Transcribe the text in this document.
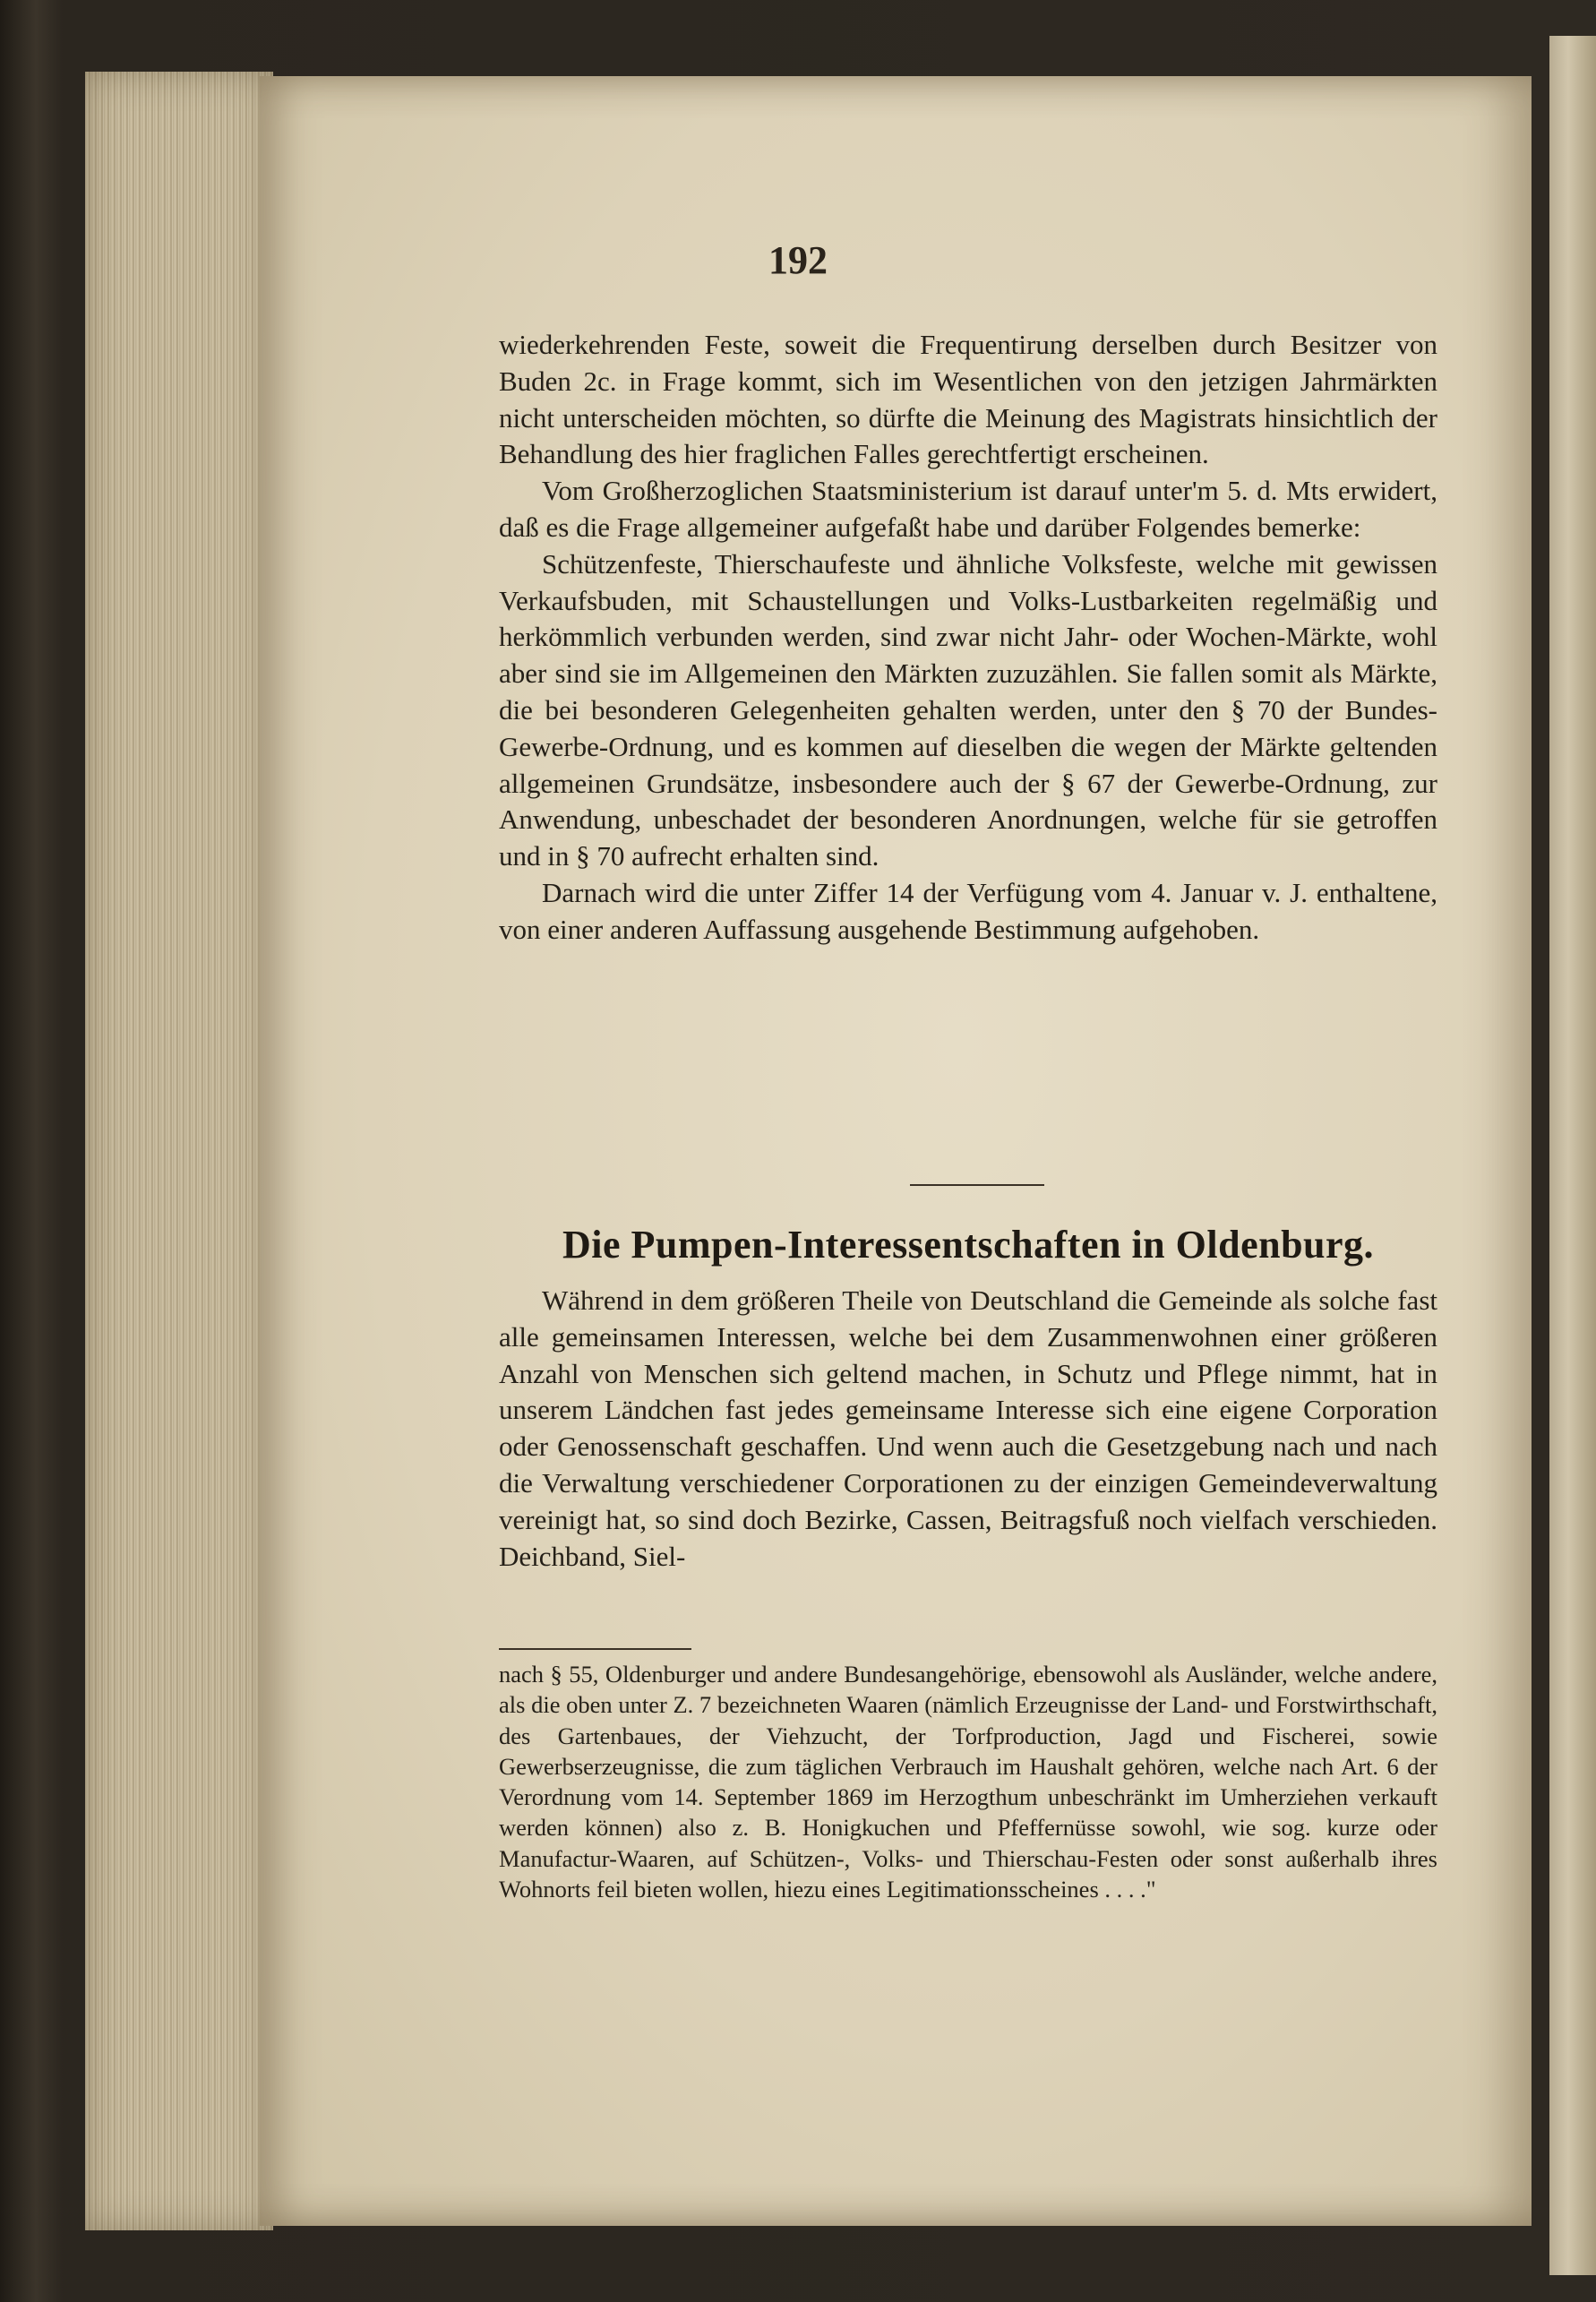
192

wiederkehrenden Feste, soweit die Frequentirung derselben durch Besitzer von Buden 2c. in Frage kommt, sich im Wesentlichen von den jetzigen Jahrmärkten nicht unterscheiden möchten, so dürfte die Meinung des Magistrats hinsichtlich der Behandlung des hier fraglichen Falles gerechtfertigt erscheinen.

Vom Großherzoglichen Staatsministerium ist darauf unter'm 5. d. Mts erwidert, daß es die Frage allgemeiner aufgefaßt habe und darüber Folgendes bemerke:

Schützenfeste, Thierschaufeste und ähnliche Volksfeste, welche mit gewissen Verkaufsbuden, mit Schaustellungen und Volks-Lustbarkeiten regelmäßig und herkömmlich verbunden werden, sind zwar nicht Jahr- oder Wochen-Märkte, wohl aber sind sie im Allgemeinen den Märkten zuzuzählen. Sie fallen somit als Märkte, die bei besonderen Gelegenheiten gehalten werden, unter den § 70 der Bundes-Gewerbe-Ordnung, und es kommen auf dieselben die wegen der Märkte geltenden allgemeinen Grundsätze, insbesondere auch der § 67 der Gewerbe-Ordnung, zur Anwendung, unbeschadet der besonderen Anordnungen, welche für sie getroffen und in § 70 aufrecht erhalten sind.

Darnach wird die unter Ziffer 14 der Verfügung vom 4. Januar v. J. enthaltene, von einer anderen Auffassung ausgehende Bestimmung aufgehoben.

Die Pumpen-Interessentschaften in Oldenburg.

Während in dem größeren Theile von Deutschland die Gemeinde als solche fast alle gemeinsamen Interessen, welche bei dem Zusammenwohnen einer größeren Anzahl von Menschen sich geltend machen, in Schutz und Pflege nimmt, hat in unserem Ländchen fast jedes gemeinsame Interesse sich eine eigene Corporation oder Genossenschaft geschaffen. Und wenn auch die Gesetzgebung nach und nach die Verwaltung verschiedener Corporationen zu der einzigen Gemeindeverwaltung vereinigt hat, so sind doch Bezirke, Cassen, Beitragsfuß noch vielfach verschieden. Deichband, Siel-

nach § 55, Oldenburger und andere Bundesangehörige, ebensowohl als Ausländer, welche andere, als die oben unter Z. 7 bezeichneten Waaren (nämlich Erzeugnisse der Land- und Forstwirthschaft, des Gartenbaues, der Viehzucht, der Torfproduction, Jagd und Fischerei, sowie Gewerbserzeugnisse, die zum täglichen Verbrauch im Haushalt gehören, welche nach Art. 6 der Verordnung vom 14. September 1869 im Herzogthum unbeschränkt im Umherziehen verkauft werden können) also z. B. Honigkuchen und Pfeffernüsse sowohl, wie sog. kurze oder Manufactur-Waaren, auf Schützen-, Volks- und Thierschau-Festen oder sonst außerhalb ihres Wohnorts feil bieten wollen, hiezu eines Legitimationsscheines . . . ."
